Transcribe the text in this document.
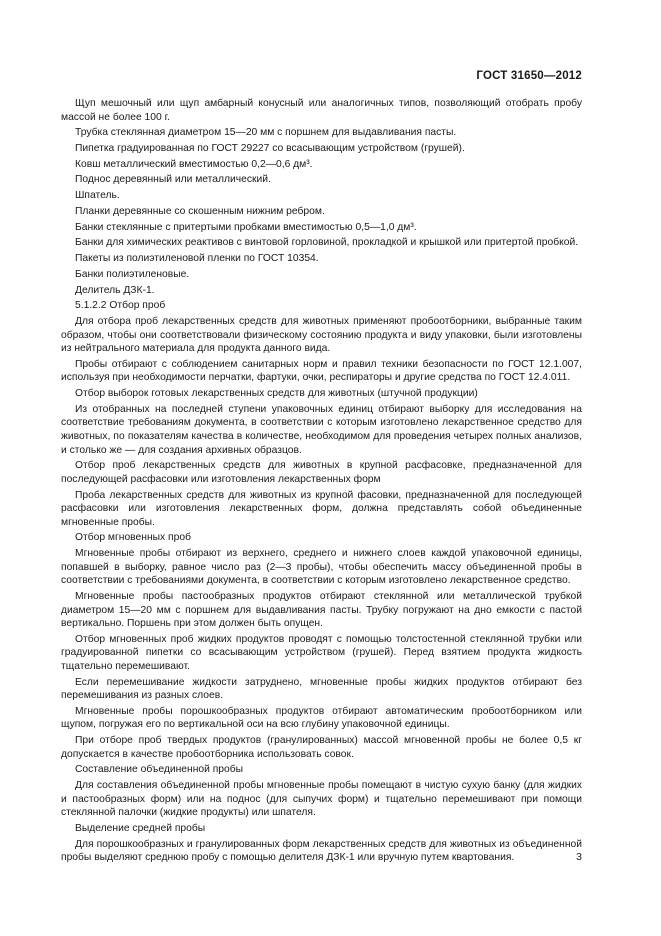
ГОСТ 31650—2012

Щуп мешочный или щуп амбарный конусный или аналогичных типов, позволяющий отобрать пробу массой не более 100 г.

Трубка стеклянная диаметром 15—20 мм с поршнем для выдавливания пасты.

Пипетка градуированная по ГОСТ 29227 со всасывающим устройством (грушей).

Ковш металлический вместимостью 0,2—0,6 дм³.

Поднос деревянный или металлический.

Шпатель.

Планки деревянные со скошенным нижним ребром.

Банки стеклянные с притертыми пробками вместимостью 0,5—1,0 дм³.

Банки для химических реактивов с винтовой горловиной, прокладкой и крышкой или притертой пробкой.

Пакеты из полиэтиленовой пленки по ГОСТ 10354.

Банки полиэтиленовые.

Делитель ДЗК-1.

5.1.2.2 Отбор проб

Для отбора проб лекарственных средств для животных применяют пробоотборники, выбранные таким образом, чтобы они соответствовали физическому состоянию продукта и виду упаковки, были изготовлены из нейтрального материала для продукта данного вида.

Пробы отбирают с соблюдением санитарных норм и правил техники безопасности по ГОСТ 12.1.007, используя при необходимости перчатки, фартуки, очки, респираторы и другие средства по ГОСТ 12.4.011.

Отбор выборок готовых лекарственных средств для животных (штучной продукции)

Из отобранных на последней ступени упаковочных единиц отбирают выборку для исследования на соответствие требованиям документа, в соответствии с которым изготовлено лекарственное средство для животных, по показателям качества в количестве, необходимом для проведения четырех полных анализов, и столько же — для создания архивных образцов.

Отбор проб лекарственных средств для животных в крупной расфасовке, предназначенной для последующей расфасовки или изготовления лекарственных форм

Проба лекарственных средств для животных из крупной фасовки, предназначенной для последующей расфасовки или изготовления лекарственных форм, должна представлять собой объединенные мгновенные пробы.

Отбор мгновенных проб

Мгновенные пробы отбирают из верхнего, среднего и нижнего слоев каждой упаковочной единицы, попавшей в выборку, равное число раз (2—3 пробы), чтобы обеспечить массу объединенной пробы в соответствии с требованиями документа, в соответствии с которым изготовлено лекарственное средство.

Мгновенные пробы пастообразных продуктов отбирают стеклянной или металлической трубкой диаметром 15—20 мм с поршнем для выдавливания пасты. Трубку погружают на дно емкости с пастой вертикально. Поршень при этом должен быть опущен.

Отбор мгновенных проб жидких продуктов проводят с помощью толстостенной стеклянной трубки или градуированной пипетки со всасывающим устройством (грушей). Перед взятием продукта жидкость тщательно перемешивают.

Если перемешивание жидкости затруднено, мгновенные пробы жидких продуктов отбирают без перемешивания из разных слоев.

Мгновенные пробы порошкообразных продуктов отбирают автоматическим пробоотборником или щупом, погружая его по вертикальной оси на всю глубину упаковочной единицы.

При отборе проб твердых продуктов (гранулированных) массой мгновенной пробы не более 0,5 кг допускается в качестве пробоотборника использовать совок.

Составление объединенной пробы

Для составления объединенной пробы мгновенные пробы помещают в чистую сухую банку (для жидких и пастообразных форм) или на поднос (для сыпучих форм) и тщательно перемешивают при помощи стеклянной палочки (жидкие продукты) или шпателя.

Выделение средней пробы

Для порошкообразных и гранулированных форм лекарственных средств для животных из объединенной пробы выделяют среднюю пробу с помощью делителя ДЗК-1 или вручную путем квартования.	3
